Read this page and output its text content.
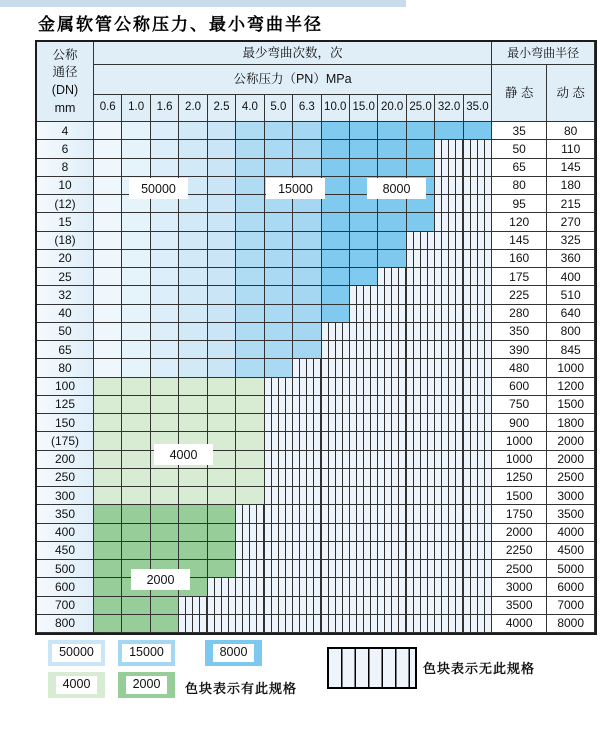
金属软管公称压力、最小弯曲半径
公称
通径
(DN)
mm
最少弯曲次数，次	最小弯曲半径
公称压力（PN）MPa
静 态	动 态
0.6	1.0	1.6	2.0	2.5	4.0	5.0	6.3 10.0 15.0 20.0 25.0 32.0 35.0
4	35	80
6	50	110
8	65	145
10	80	180
(12)	95	215
15	120	270
(18)	145	325
20	160	360
25	175	400
32	225	510
40	280	640
50	350	800
65	390	845
80	480	1000
100	600	1200
125	750	1500
150	900	1800
(175)	1000	2000
200	1000	2000
250	1250	2500
300	1500	3000
350	1750	3500
400	2000	4000
450	2250	4500
500	2500	5000
600	3000	6000
700	3500	7000
800	4000	8000
50000	15000	8000
4000
2000
50000	15000	8000
4000	2000	色块表示有此规格
色块表示无此规格
